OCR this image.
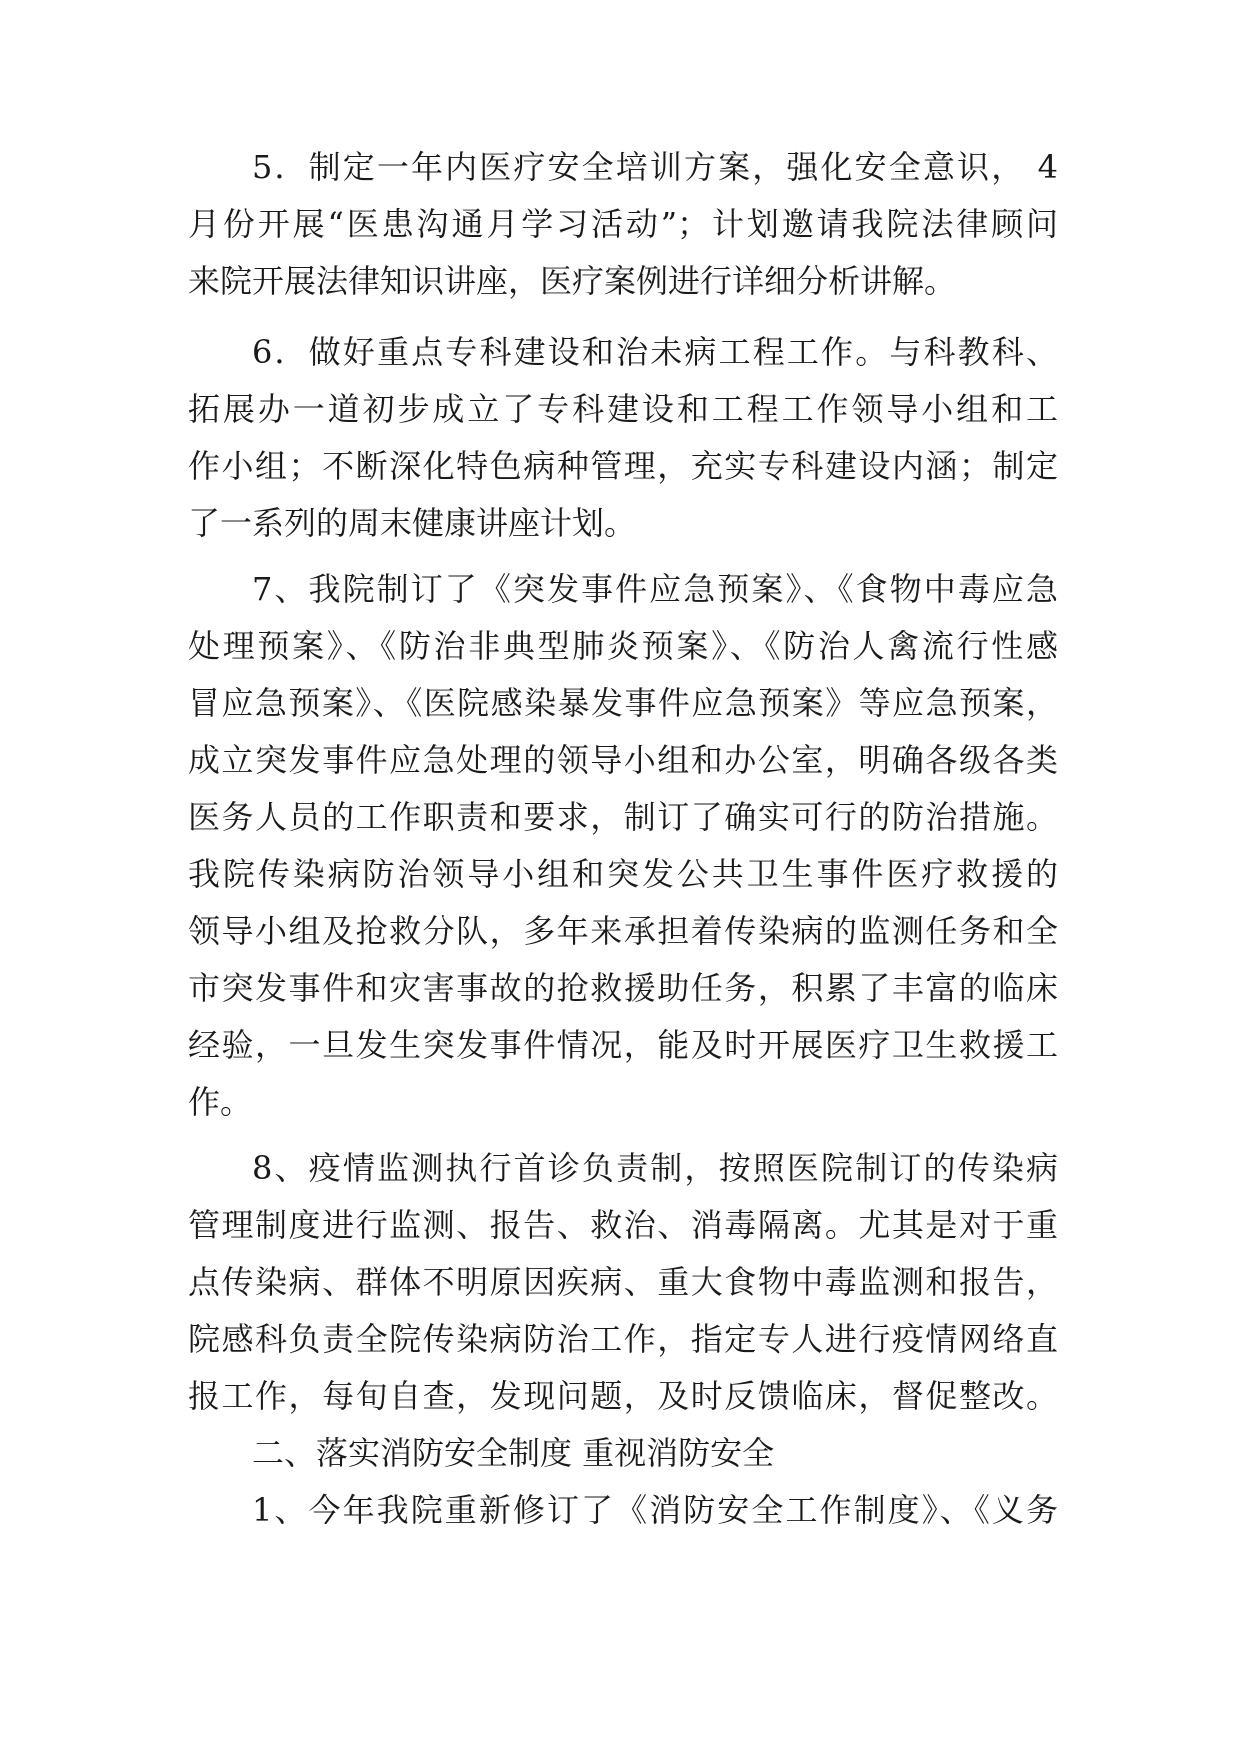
5．制定一年内医疗安全培训方案，强化安全意识， 4
月份开展“医患沟通月学习活动”；计划邀请我院法律顾问
来院开展法律知识讲座，医疗案例进行详细分析讲解。
6．做好重点专科建设和治未病工程工作。与科教科、
拓展办一道初步成立了专科建设和工程工作领导小组和工
作小组；不断深化特色病种管理，充实专科建设内涵；制定
了一系列的周末健康讲座计划。
7、我院制订了《突发事件应急预案》、《食物中毒应急
处理预案》、《防治非典型肺炎预案》、《防治人禽流行性感
冒应急预案》、《医院感染暴发事件应急预案》等应急预案，
成立突发事件应急处理的领导小组和办公室，明确各级各类
医务人员的工作职责和要求，制订了确实可行的防治措施。
我院传染病防治领导小组和突发公共卫生事件医疗救援的
领导小组及抢救分队，多年来承担着传染病的监测任务和全
市突发事件和灾害事故的抢救援助任务，积累了丰富的临床
经验，一旦发生突发事件情况，能及时开展医疗卫生救援工
作。
8、疫情监测执行首诊负责制，按照医院制订的传染病
管理制度进行监测、报告、救治、消毒隔离。尤其是对于重
点传染病、群体不明原因疾病、重大食物中毒监测和报告，
院感科负责全院传染病防治工作，指定专人进行疫情网络直
报工作，每旬自查，发现问题，及时反馈临床，督促整改。
二、落实消防安全制度 重视消防安全
1、今年我院重新修订了《消防安全工作制度》、《义务
